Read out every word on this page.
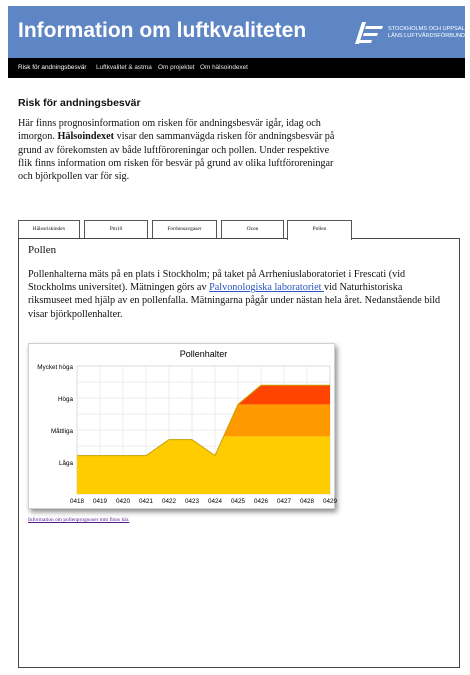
Information om luftkvaliteten	STOCKHOLMS OCH UPPSALA
LÄNS LUFTVÅRDSFÖRBUND
Risk för andningsbesvär Luftkvalitet & astma Om projektet Om hälsoindexet
Risk för andningsbesvär

Här finns prognosinformation om risken för andningsbesvär igår, idag och imorgon. Hälsoindexet visar den sammanvägda risken för andningsbesvär på grund av förekomsten av både luftföroreningar och pollen. Under respektive flik finns information om risken för besvär på grund av olika luftföroreningar och björkpollen var för sig.

Hälsoriskindex	Pm10	Fordonsavgaser	Ozon	Pollen
Pollen

Pollenhalterna mäts på en plats i Stockholm; på taket på Arrheniuslaboratoriet i Frescati (vid Stockholms universitet). Mätningen görs av Palvonologiska laboratoriet vid Naturhistoriska riksmuseet med hjälp av en pollenfalla. Mätningarna pågår under nästan hela året. Nedanstående bild visar björkpollenhalter.

Pollenhalter
Låga
Måttliga
Höga
Mycket höga
0418 0419 0420 0421 0422 0423 0424 0425 0426 0427 0428 0429
Information om pollenprognoser mm finns här.
